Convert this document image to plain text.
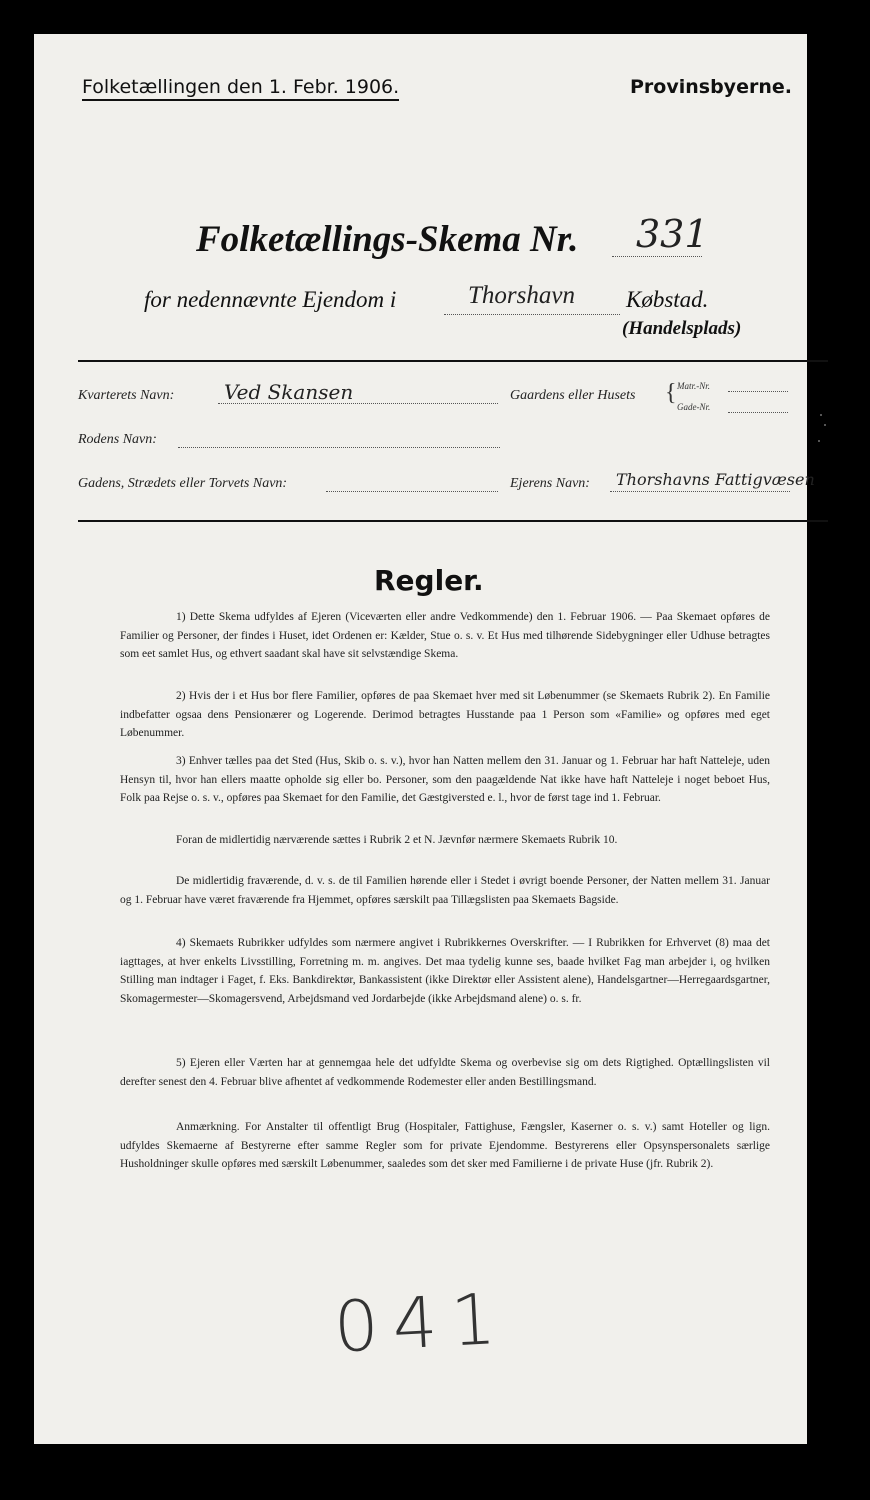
Folketællingen den 1. Febr. 1906.	Provinsbyerne.
Folketællings-Skema Nr. 331
for nedennævnte Ejendom i	Thorshavn Købstad.
(Handelsplads)
Kvarterets Navn: Ved Skansen	Gaardens eller Husets { Matr.-Nr.
Gade-Nr.
Rodens Navn:
Gadens, Strædets eller Torvets Navn:	Ejerens Navn: Thorshavns Fattigvæsen
Regler.

1) Dette Skema udfyldes af Ejeren (Viceværten eller andre Vedkommende) den 1. Februar 1906. — Paa Skemaet opføres de Familier og Personer, der findes i Huset, idet Ordenen er: Kælder, Stue o. s. v. Et Hus med tilhørende Sidebygninger eller Udhuse betragtes som eet samlet Hus, og ethvert saadant skal have sit selvstændige Skema.

2) Hvis der i et Hus bor flere Familier, opføres de paa Skemaet hver med sit Løbenummer (se Skemaets Rubrik 2). En Familie indbefatter ogsaa dens Pensionærer og Logerende. Derimod betragtes Husstande paa 1 Person som «Familie» og opføres med eget Løbenummer.

3) Enhver tælles paa det Sted (Hus, Skib o. s. v.), hvor han Natten mellem den 31. Januar og 1. Februar har haft Natteleje, uden Hensyn til, hvor han ellers maatte opholde sig eller bo. Personer, som den paagældende Nat ikke have haft Natteleje i noget beboet Hus, Folk paa Rejse o. s. v., opføres paa Skemaet for den Familie, det Gæstgiversted e. l., hvor de først tage ind 1. Februar.

Foran de midlertidig nærværende sættes i Rubrik 2 et N. Jævnfør nærmere Skemaets Rubrik 10.

De midlertidig fraværende, d. v. s. de til Familien hørende eller i Stedet i øvrigt boende Personer, der Natten mellem 31. Januar og 1. Februar have været fraværende fra Hjemmet, opføres særskilt paa Tillægslisten paa Skemaets Bagside.

4) Skemaets Rubrikker udfyldes som nærmere angivet i Rubrikkernes Overskrifter. — I Rubrikken for Erhvervet (8) maa det iagttages, at hver enkelts Livsstilling, Forretning m. m. angives. Det maa tydelig kunne ses, baade hvilket Fag man arbejder i, og hvilken Stilling man indtager i Faget, f. Eks. Bankdirektør, Bankassistent (ikke Direktør eller Assistent alene), Handelsgartner—Herregaardsgartner, Skomagermester—Skomagersvend, Arbejdsmand ved Jordarbejde (ikke Arbejdsmand alene) o. s. fr.

5) Ejeren eller Værten har at gennemgaa hele det udfyldte Skema og overbevise sig om dets Rigtighed. Optællingslisten vil derefter senest den 4. Februar blive afhentet af vedkommende Rodemester eller anden Bestillingsmand.

Anmærkning. For Anstalter til offentligt Brug (Hospitaler, Fattighuse, Fængsler, Kaserner o. s. v.) samt Hoteller og lign. udfyldes Skemaerne af Bestyrerne efter samme Regler som for private Ejendomme. Bestyrerens eller Opsynspersonalets særlige Husholdninger skulle opføres med særskilt Løbenummer, saaledes som det sker med Familierne i de private Huse (jfr. Rubrik 2).

041
